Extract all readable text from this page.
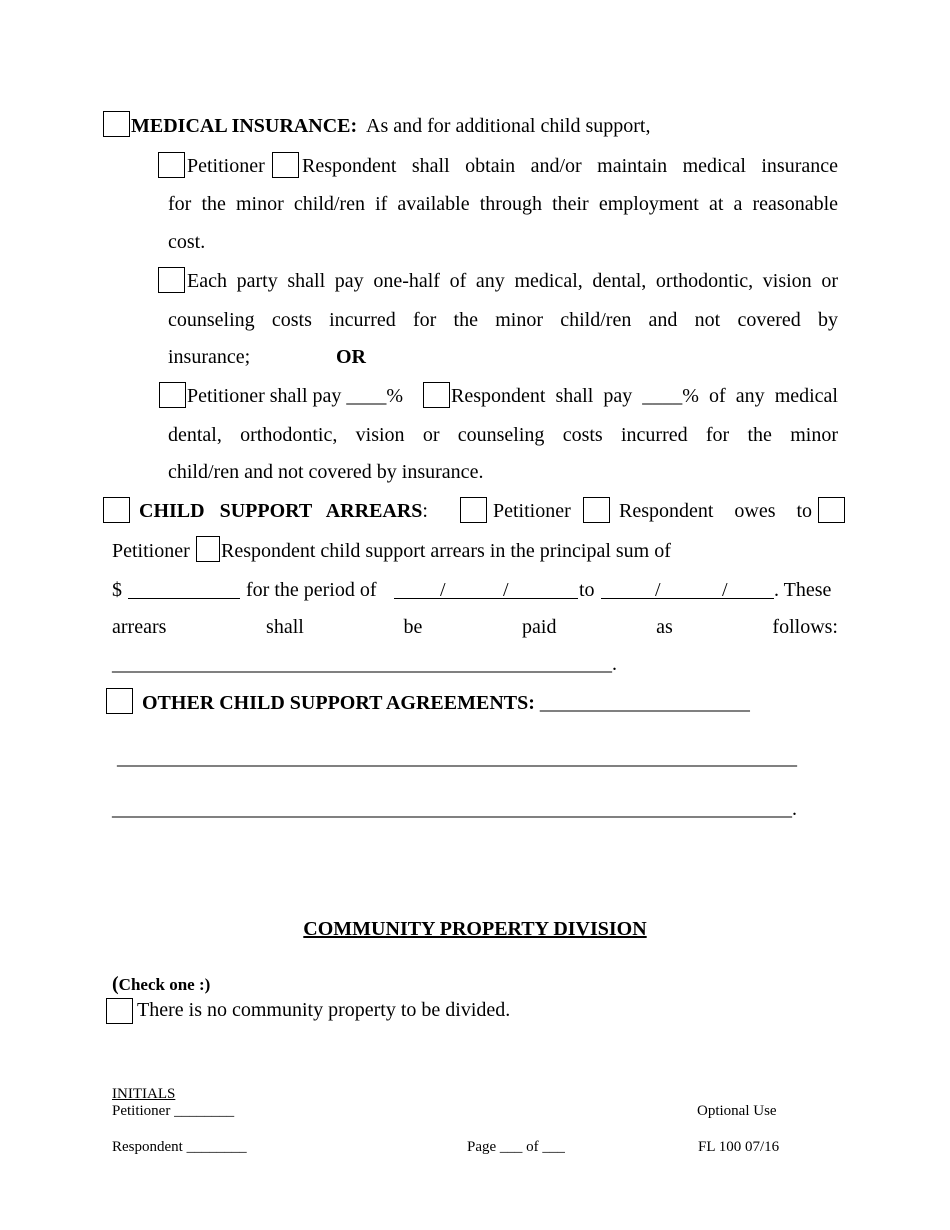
MEDICAL INSURANCE: As and for additional child support,
Petitioner Respondent shall obtain and/or maintain medical insurance
for the minor child/ren if available through their employment at a reasonable
cost.
Each party shall pay one-half of any medical, dental, orthodontic, vision or
counseling costs incurred for the minor child/ren and not covered by
insurance;	OR
Petitioner shall pay ____% Respondent shall pay ____% of any medical
dental, orthodontic, vision or counseling costs incurred for the minor
child/ren and not covered by insurance.
CHILD SUPPORT ARREARS:	Petitioner Respondent owes to
Petitioner Respondent child support arrears in the principal sum of
$	for the period of	/	/	to	/	/ . These
arrears shall be paid as follows:
__________________________________________________.
OTHER CHILD SUPPORT AGREEMENTS: _____________________
____________________________________________________________________
____________________________________________________________________.
COMMUNITY PROPERTY DIVISION
(Check one :)
There is no community property to be divided.
INITIALS
Petitioner ________
Respondent ________	Page ___ of ___
Optional Use
FL 100 07/16
